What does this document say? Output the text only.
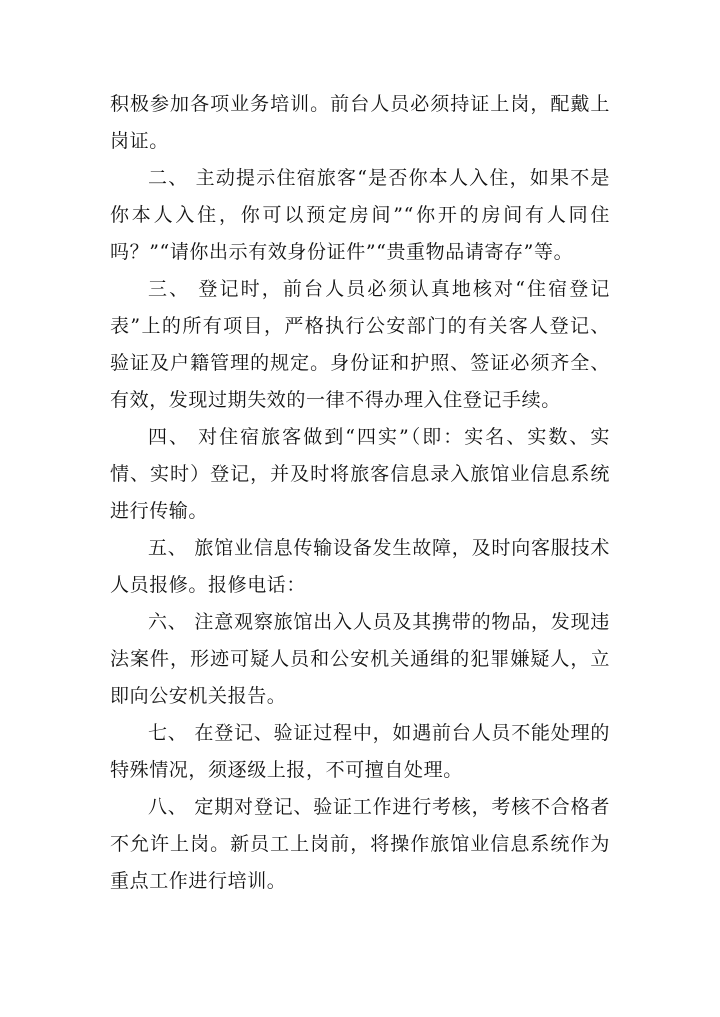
积极参加各项业务培训。前台人员必须持证上岗，配戴上岗证。

二、 主动提示住宿旅客“是否你本人入住，如果不是你本人入住，你可以预定房间”“你开的房间有人同住吗？”“请你出示有效身份证件”“贵重物品请寄存”等。

三、 登记时，前台人员必须认真地核对“住宿登记表”上的所有项目，严格执行公安部门的有关客人登记、验证及户籍管理的规定。身份证和护照、签证必须齐全、有效，发现过期失效的一律不得办理入住登记手续。

四、 对住宿旅客做到“四实”（即：实名、实数、实情、实时）登记，并及时将旅客信息录入旅馆业信息系统进行传输。

五、 旅馆业信息传输设备发生故障，及时向客服技术人员报修。报修电话：

六、 注意观察旅馆出入人员及其携带的物品，发现违法案件，形迹可疑人员和公安机关通缉的犯罪嫌疑人，立即向公安机关报告。

七、 在登记、验证过程中，如遇前台人员不能处理的特殊情况，须逐级上报，不可擅自处理。

八、 定期对登记、验证工作进行考核，考核不合格者不允许上岗。新员工上岗前，将操作旅馆业信息系统作为重点工作进行培训。
